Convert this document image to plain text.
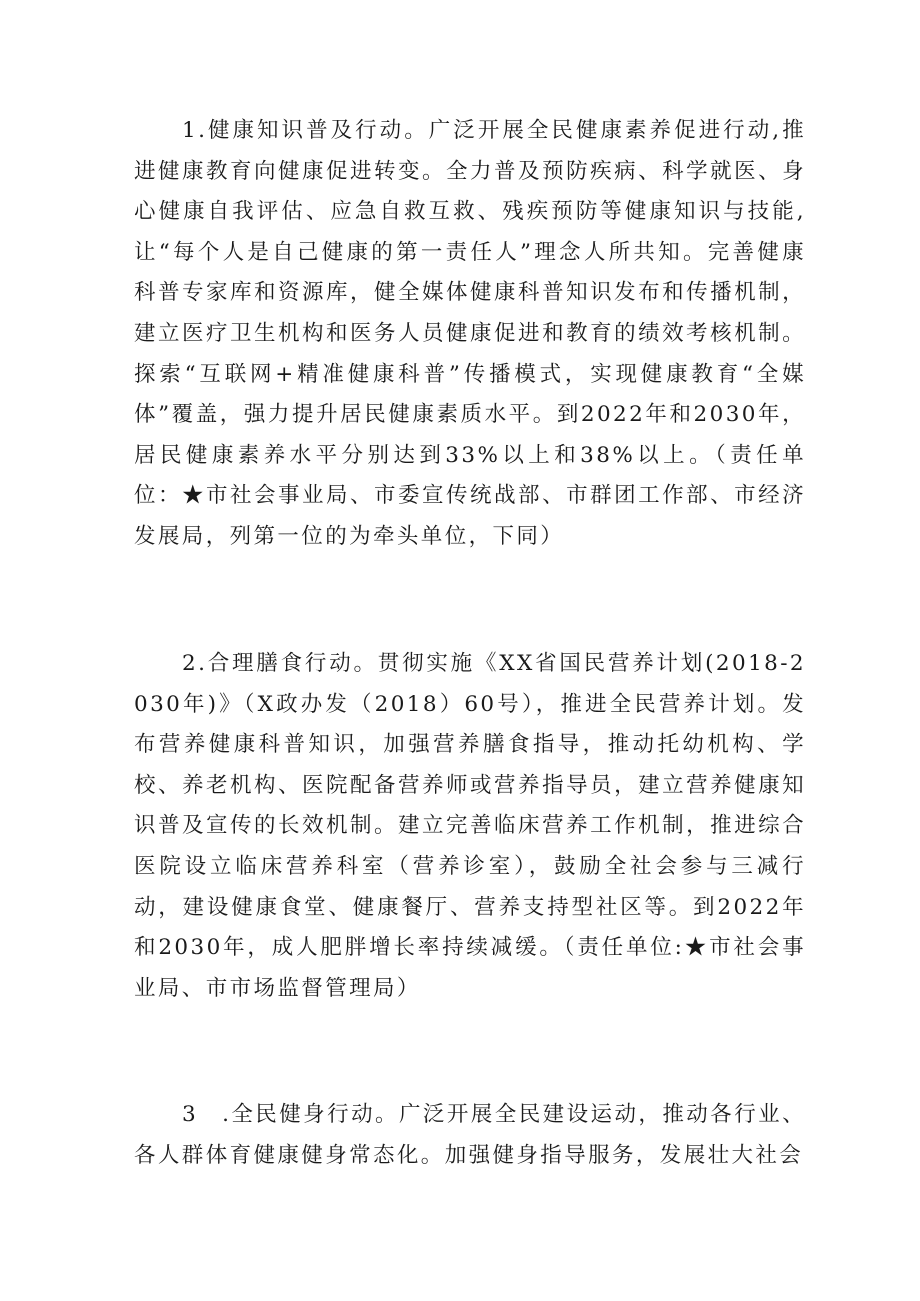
1.健康知识普及行动。广泛开展全民健康素养促进行动,推进健康教育向健康促进转变。全力普及预防疾病、科学就医、身心健康自我评估、应急自救互救、残疾预防等健康知识与技能,让“每个人是自己健康的第一责任人”理念人所共知。完善健康科普专家库和资源库，健全媒体健康科普知识发布和传播机制，建立医疗卫生机构和医务人员健康促进和教育的绩效考核机制。探索“互联网+精准健康科普”传播模式，实现健康教育“全媒体”覆盖，强力提升居民健康素质水平。到2022年和2030年，居民健康素养水平分别达到33%以上和38%以上。（责任单位：★市社会事业局、市委宣传统战部、市群团工作部、市经济发展局，列第一位的为牵头单位，下同）

2.合理膳食行动。贯彻实施《XX省国民营养计划(2018-2030年)》（X政办发（2018）60号），推进全民营养计划。发布营养健康科普知识，加强营养膳食指导，推动托幼机构、学校、养老机构、医院配备营养师或营养指导员，建立营养健康知识普及宣传的长效机制。建立完善临床营养工作机制，推进综合医院设立临床营养科室（营养诊室），鼓励全社会参与三减行动，建设健康食堂、健康餐厅、营养支持型社区等。到2022年和2030年，成人肥胖增长率持续减缓。（责任单位:★市社会事业局、市市场监督管理局）

3　.全民健身行动。广泛开展全民建设运动，推动各行业、各人群体育健康健身常态化。加强健身指导服务，发展壮大社会
